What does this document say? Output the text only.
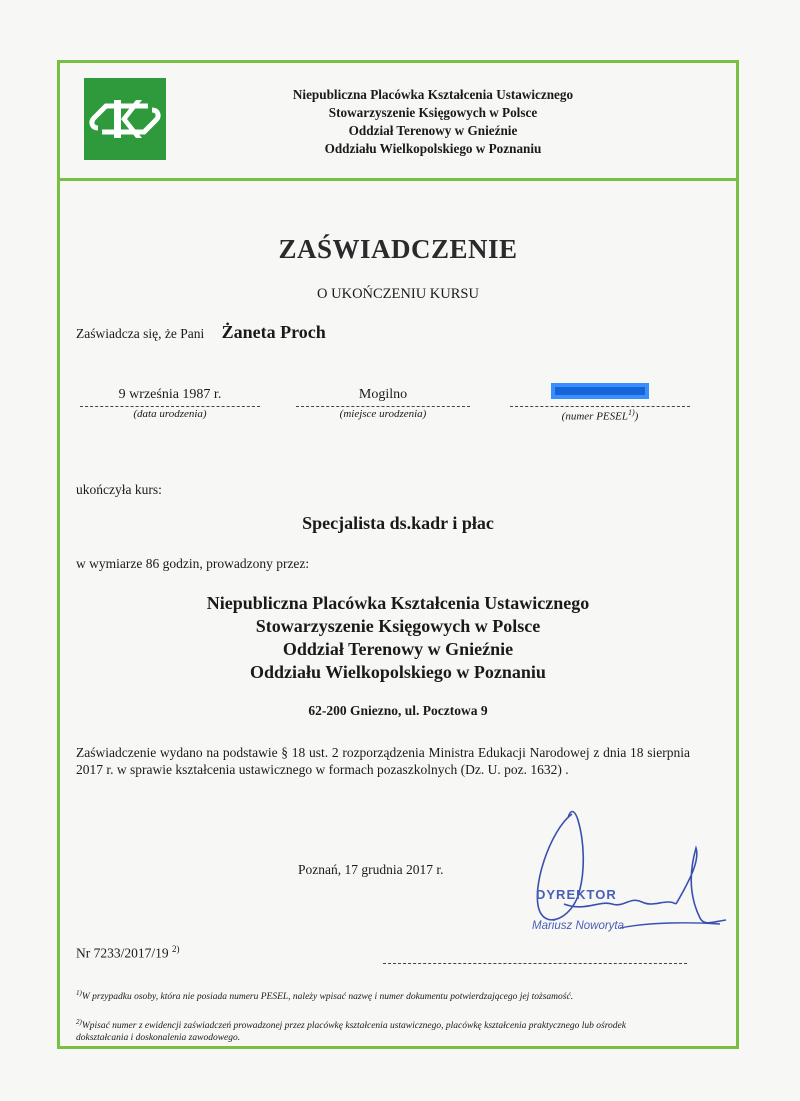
Niepubliczna Placówka Kształcenia Ustawicznego
Stowarzyszenie Księgowych w Polsce
Oddział Terenowy w Gnieźnie
Oddziału Wielkopolskiego w Poznaniu
ZAŚWIADCZENIE
O UKOŃCZENIU KURSU
Zaświadcza się, że Pani Żaneta Proch
9 września 1987 r.
(data urodzenia)
Mogilno
(miejsce urodzenia)	(numer PESEL$^{1)}$)
ukończyła kurs:
Specjalista ds.kadr i płac
w wymiarze 86 godzin, prowadzony przez:
Niepubliczna Placówka Kształcenia Ustawicznego
Stowarzyszenie Księgowych w Polsce
Oddział Terenowy w Gnieźnie
Oddziału Wielkopolskiego w Poznaniu
62-200 Gniezno, ul. Pocztowa 9
Zaświadczenie wydano na podstawie § 18 ust. 2 rozporządzenia Ministra Edukacji Narodowej z dnia 18 sierpnia 2017 r. w sprawie kształcenia ustawicznego w formach pozaszkolnych (Dz. U. poz. 1632) .
Poznań, 17 grudnia 2017 r.
DYREKTOR
Mariusz Noworyta
Nr 7233/2017/19 $^{2)}$
$^{1)}$W przypadku osoby, która nie posiada numeru PESEL, należy wpisać nazwę i numer dokumentu potwierdzającego jej tożsamość.
$^{2)}$Wpisać numer z ewidencji zaświadczeń prowadzonej przez placówkę kształcenia ustawicznego, placówkę kształcenia praktycznego lub ośrodek dokształcania i doskonalenia zawodowego.
